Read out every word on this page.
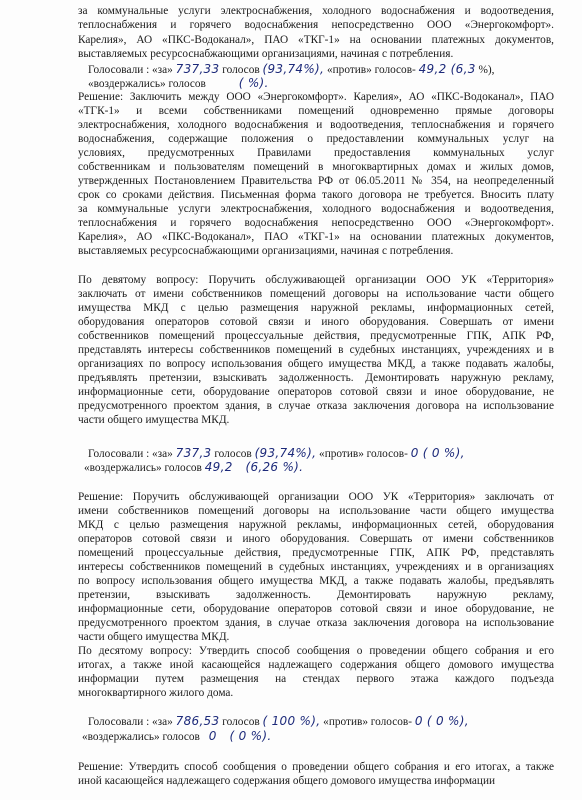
за коммунальные услуги электроснабжения, холодного водоснабжения и водоотведения,
теплоснабжения и горячего водоснабжения непосредственно ООО «Энергокомфорт».
Карелия», АО «ПКС-Водоканал», ПАО «ТКГ-1» на основании платежных документов,
выставляемых ресурсоснабжающими организациями, начиная с потребления.
Голосовали : «за» 737,33 голосов (93,74%), «против» голосов- 49,2 (6,3 %),
«воздержались» голосов	( %).
Решение: Заключить между ООО «Энергокомфорт». Карелия», АО «ПКС-Водоканал», ПАО
«ТГК-1» и всеми собственниками помещений одновременно прямые договоры
электроснабжения, холодного водоснабжения и водоотведения, теплоснабжения и горячего
водоснабжения, содержащие положения о предоставлении коммунальных услуг на
условиях, предусмотренных Правилами предоставления коммунальных услуг
собственникам и пользователям помещений в многоквартирных домах и жилых домов,
утвержденных Постановлением Правительства РФ от 06.05.2011 № 354, на неопределенный
срок со сроками действия. Письменная форма такого договора не требуется. Вносить плату
за коммунальные услуги электроснабжения, холодного водоснабжения и водоотведения,
теплоснабжения и горячего водоснабжения непосредственно ООО «Энергокомфорт».
Карелия», АО «ПКС-Водоканал», ПАО «ТКГ-1» на основании платежных документов,
выставляемых ресурсоснабжающими организациями, начиная с потребления.
По девятому вопросу: Поручить обслуживающей организации ООО УК «Территория»
заключать от имени собственников помещений договоры на использование части общего
имущества МКД с целью размещения наружной рекламы, информационных сетей,
оборудования операторов сотовой связи и иного оборудования. Совершать от имени
собственников помещений процессуальные действия, предусмотренные ГПК, АПК РФ,
представлять интересы собственников помещений в судебных инстанциях, учреждениях и в
организациях по вопросу использования общего имущества МКД, а также подавать жалобы,
предъявлять претензии, взыскивать задолженность. Демонтировать наружную рекламу,
информационные сети, оборудование операторов сотовой связи и иное оборудование, не
предусмотренного проектом здания, в случае отказа заключения договора на использование
части общего имущества МКД.
Голосовали : «за» 737,3 голосов (93,74%), «против» голосов- 0 ( 0 %),
«воздержались» голосов 49,2 (6,26 %).
Решение: Поручить обслуживающей организации ООО УК «Территория» заключать от
имени собственников помещений договоры на использование части общего имущества
МКД с целью размещения наружной рекламы, информационных сетей, оборудования
операторов сотовой связи и иного оборудования. Совершать от имени собственников
помещений процессуальные действия, предусмотренные ГПК, АПК РФ, представлять
интересы собственников помещений в судебных инстанциях, учреждениях и в организациях
по вопросу использования общего имущества МКД, а также подавать жалобы, предъявлять
претензии, взыскивать задолженность. Демонтировать наружную рекламу,
информационные сети, оборудование операторов сотовой связи и иное оборудование, не
предусмотренного проектом здания, в случае отказа заключения договора на использование
части общего имущества МКД.
По десятому вопросу: Утвердить способ сообщения о проведении общего собрания и его
итогах, а также иной касающейся надлежащего содержания общего домового имущества
информации путем размещения на стендах первого этажа каждого подъезда
многоквартирного жилого дома.
Голосовали : «за» 786,53 голосов ( 100 %), «против» голосов- 0 ( 0 %),
«воздержались» голосов 0 ( 0 %).
Решение: Утвердить способ сообщения о проведении общего собрания и его итогах, а также
иной касающейся надлежащего содержания общего домового имущества информации
